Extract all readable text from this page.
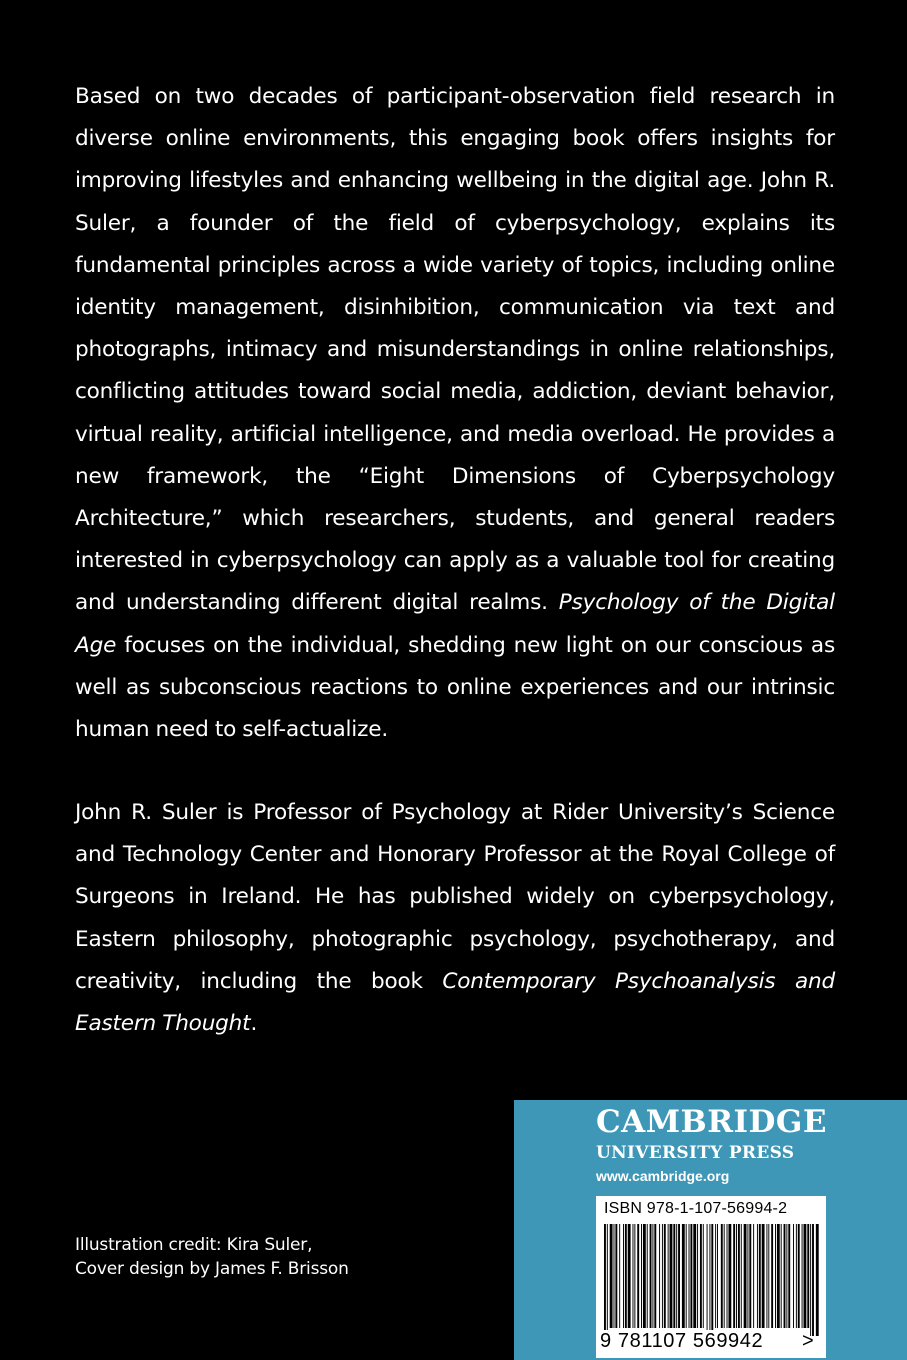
Based on two decades of participant-observation field research in diverse online environments, this engaging book offers insights for improving lifestyles and enhancing wellbeing in the digital age. John R. Suler, a founder of the field of cyberpsychology, explains its fundamental principles across a wide variety of topics, including online identity management, disinhibition, communication via text and photographs, intimacy and misunderstandings in online relationships, conflicting attitudes toward social media, addiction, deviant behavior, virtual reality, artificial intelligence, and media overload. He provides a new framework, the “Eight Dimensions of Cyberpsychology Architecture,” which researchers, students, and general readers interested in cyberpsychology can apply as a valuable tool for creating and understanding different digital realms. Psychology of the Digital Age focuses on the individual, shedding new light on our conscious as well as subconscious reactions to online experiences and our intrinsic human need to self-actualize.
John R. Suler is Professor of Psychology at Rider University’s Science and Technology Center and Honorary Professor at the Royal College of Surgeons in Ireland. He has published widely on cyberpsychology, Eastern philosophy, photographic psychology, psychotherapy, and creativity, including the book Contemporary Psychoanalysis and Eastern Thought.
Illustration credit: Kira Suler,
Cover design by James F. Brisson
CAMBRIDGE
UNIVERSITY PRESS
www.cambridge.org
ISBN 978-1-107-56994-2
9 781107 569942 >
